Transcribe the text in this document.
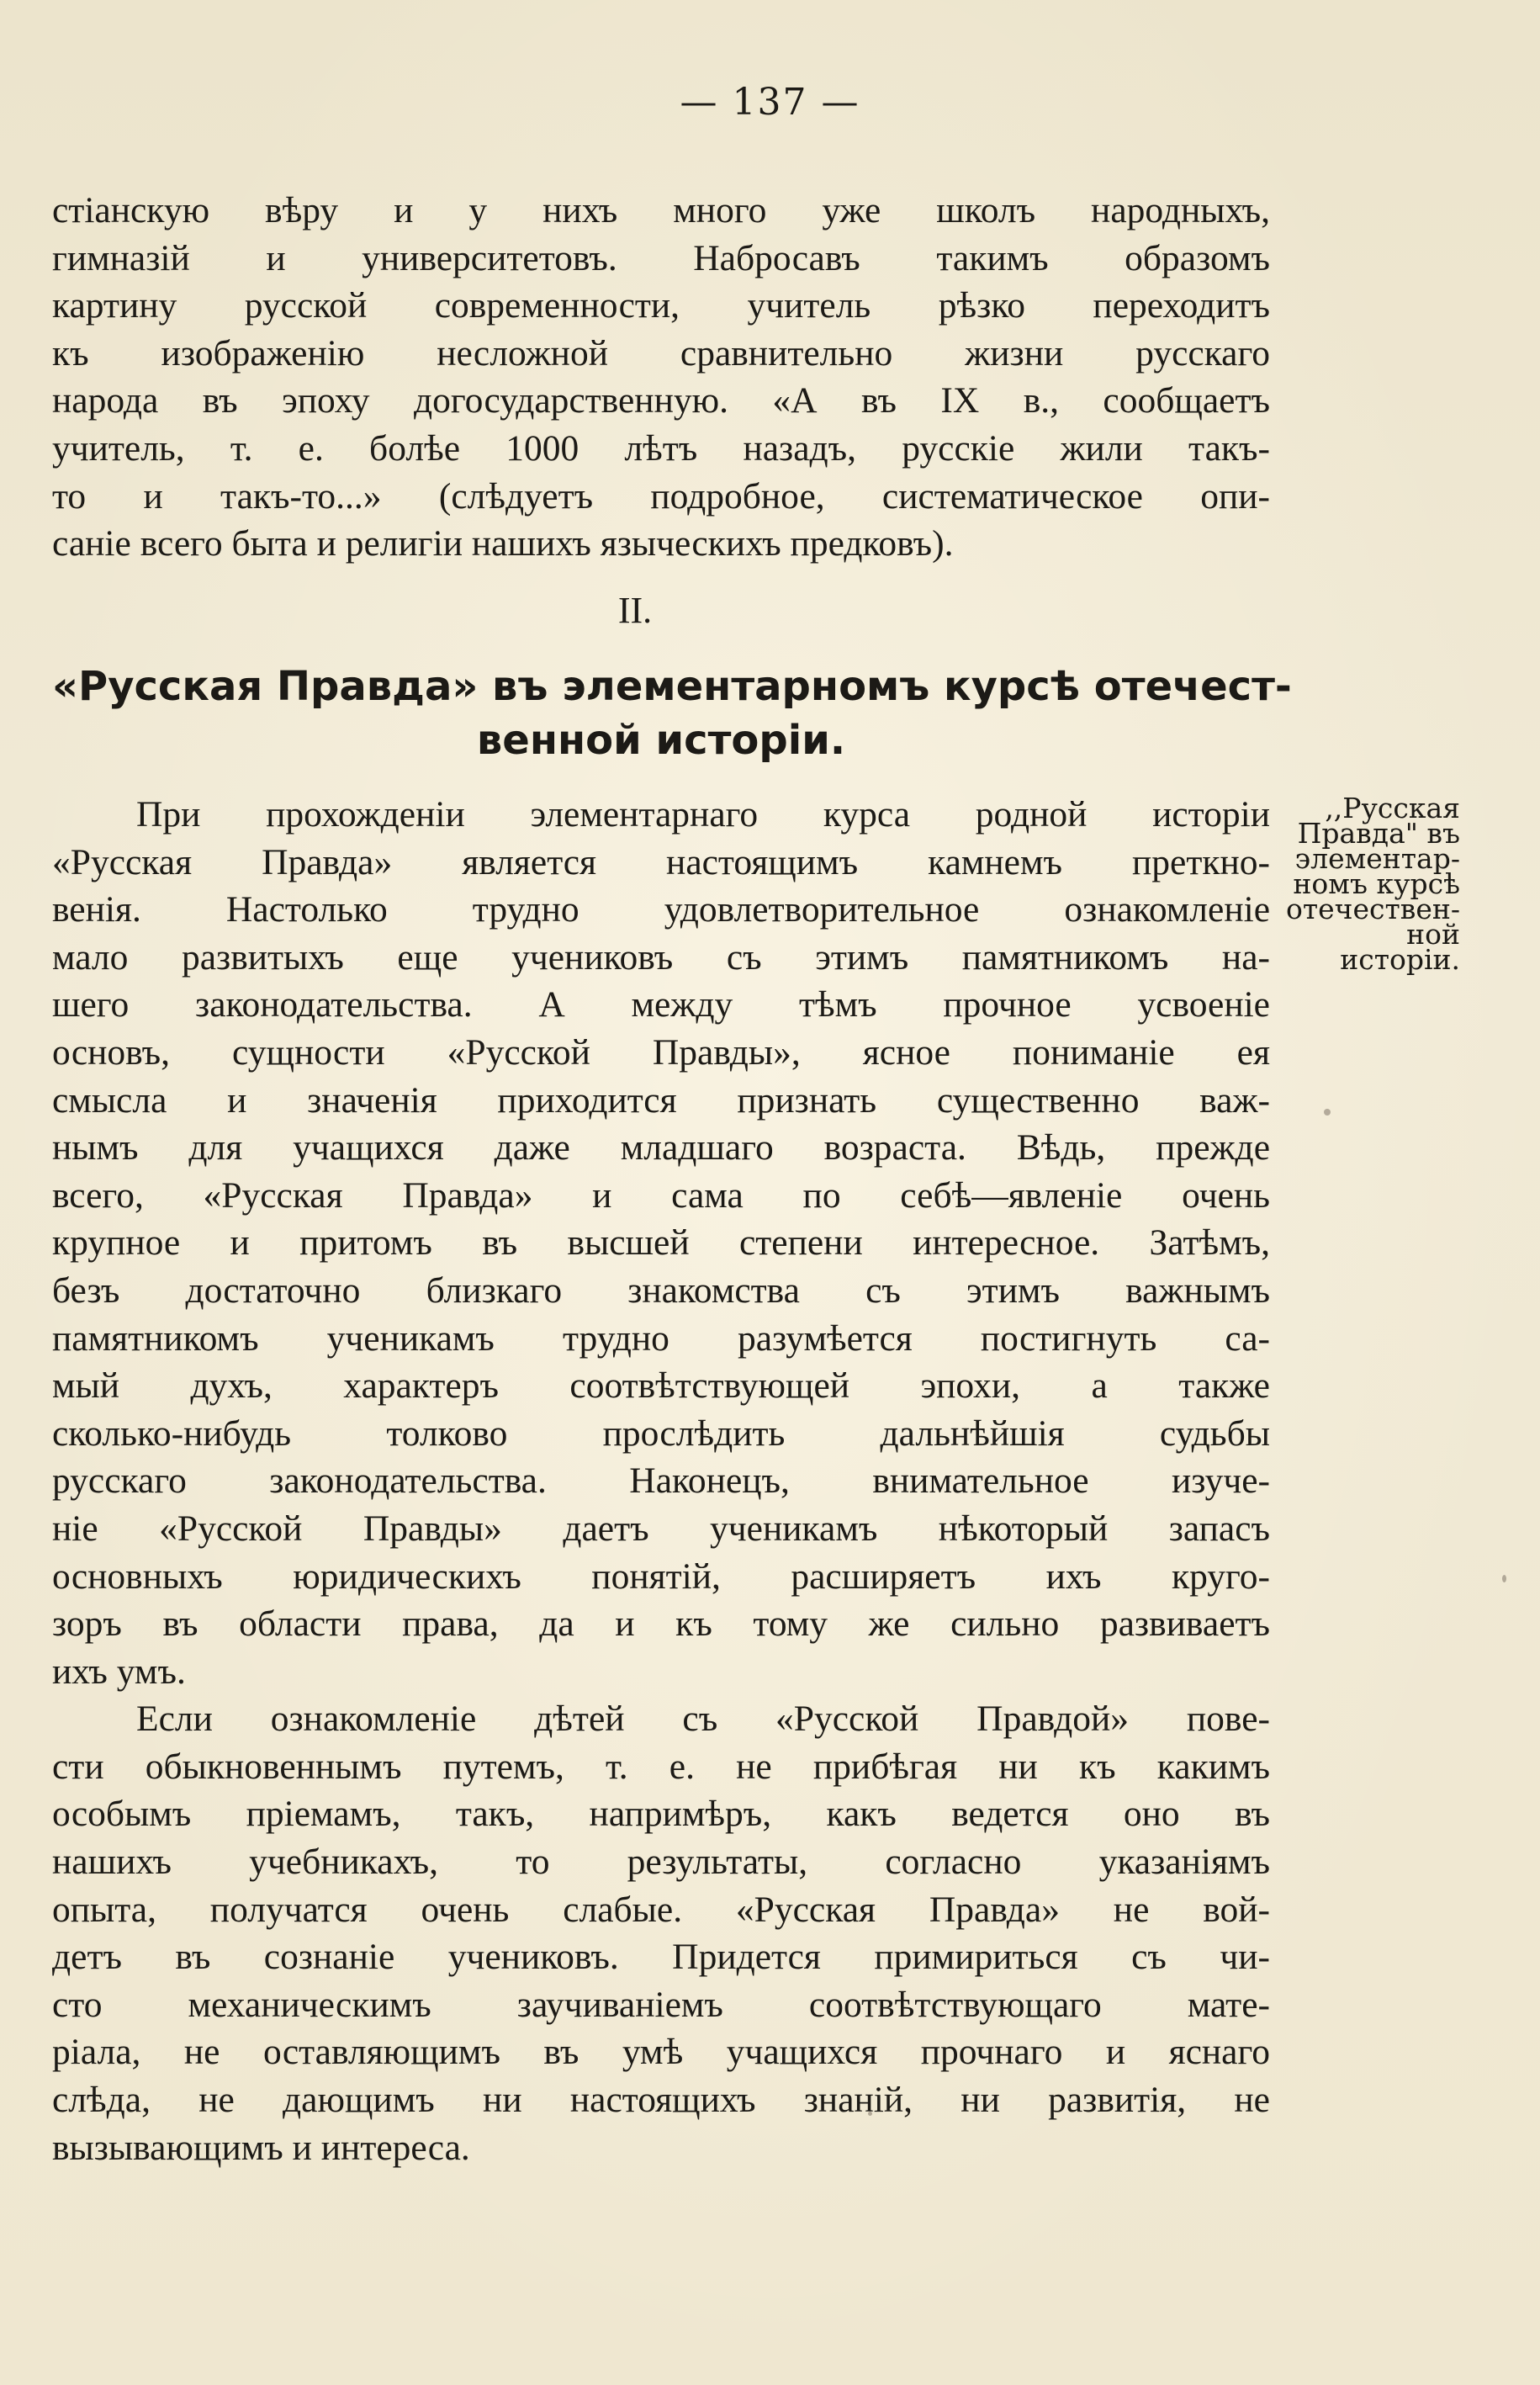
— 137 —
стіанскую вѣру и у нихъ много уже школъ народныхъ,
гимназій и университетовъ. Набросавъ такимъ образомъ
картину русской современности, учитель рѣзко переходитъ
къ изображенію несложной сравнительно жизни русскаго
народа въ эпоху догосударственную. «А въ IX в., сообщаетъ
учитель, т. е. болѣе 1000 лѣтъ назадъ, русскіе жили такъ-
то и такъ-то...» (слѣдуетъ подробное, систематическое опи-
саніе всего быта и религіи нашихъ языческихъ предковъ).
II.
«Русская Правда» въ элементарномъ курсѣ отечест-
венной исторіи.
При прохожденіи элементарнаго курса родной исторіи
«Русская Правда» является настоящимъ камнемъ преткно-
венія. Настолько трудно удовлетворительное ознакомленіе
мало развитыхъ еще учениковъ съ этимъ памятникомъ на-
шего законодательства. А между тѣмъ прочное усвоеніе
основъ, сущности «Русской Правды», ясное пониманіе ея
смысла и значенія приходится признать существенно важ-
нымъ для учащихся даже младшаго возраста. Вѣдь, прежде
всего, «Русская Правда» и сама по себѣ—явленіе очень
крупное и притомъ въ высшей степени интересное. Затѣмъ,
безъ достаточно близкаго знакомства съ этимъ важнымъ
памятникомъ ученикамъ трудно разумѣется постигнуть са-
мый духъ, характеръ соотвѣтствующей эпохи, а также
сколько-нибудь толково прослѣдить дальнѣйшія судьбы
русскаго законодательства. Наконецъ, внимательное изуче-
ніе «Русской Правды» даетъ ученикамъ нѣкоторый запасъ
основныхъ юридическихъ понятій, расширяетъ ихъ круго-
зоръ въ области права, да и къ тому же сильно развиваетъ
ихъ умъ.
Если ознакомленіе дѣтей съ «Русской Правдой» пове-
сти обыкновеннымъ путемъ, т. е. не прибѣгая ни къ какимъ
особымъ пріемамъ, такъ, напримѣръ, какъ ведется оно въ
нашихъ учебникахъ, то результаты, согласно указаніямъ
опыта, получатся очень слабые. «Русская Правда» не вой-
детъ въ сознаніе учениковъ. Придется примириться съ чи-
сто механическимъ заучиваніемъ соотвѣтствующаго мате-
ріала, не оставляющимъ въ умѣ учащихся прочнаго и яснаго
слѣда, не дающимъ ни настоящихъ знаній, ни развитія, не
вызывающимъ и интереса.
,,Русская
Правда" въ
элементар-
номъ курсѣ
отечествен-
ной
исторіи.
